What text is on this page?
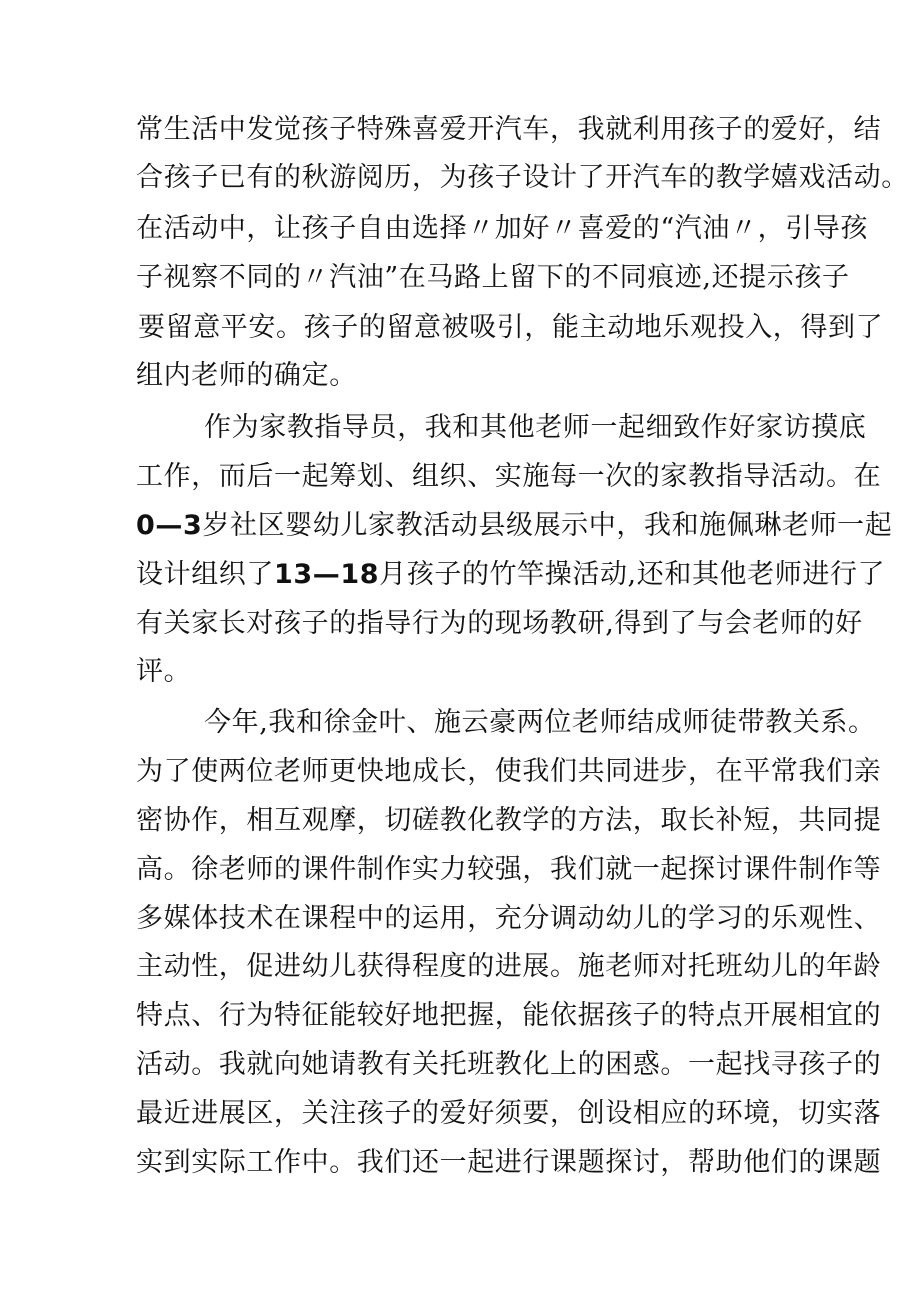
常生活中发觉孩子特殊喜爱开汽车，我就利用孩子的爱好，结
合孩子已有的秋游阅历，为孩子设计了开汽车的教学嬉戏活动。
在活动中，让孩子自由选择〃加好〃喜爱的“汽油〃，引导孩
子视察不同的〃汽油”在马路上留下的不同痕迹,还提示孩子
要留意平安。孩子的留意被吸引，能主动地乐观投入，得到了
组内老师的确定。
作为家教指导员，我和其他老师一起细致作好家访摸底
工作，而后一起筹划、组织、实施每一次的家教指导活动。在
0—3岁社区婴幼儿家教活动县级展示中，我和施佩琳老师一起
设计组织了13—18月孩子的竹竿操活动,还和其他老师进行了
有关家长对孩子的指导行为的现场教研,得到了与会老师的好
评。
今年,我和徐金叶、施云豪两位老师结成师徒带教关系。
为了使两位老师更快地成长，使我们共同进步，在平常我们亲
密协作，相互观摩，切磋教化教学的方法，取长补短，共同提
高。徐老师的课件制作实力较强，我们就一起探讨课件制作等
多媒体技术在课程中的运用，充分调动幼儿的学习的乐观性、
主动性，促进幼儿获得程度的进展。施老师对托班幼儿的年龄
特点、行为特征能较好地把握，能依据孩子的特点开展相宜的
活动。我就向她请教有关托班教化上的困惑。一起找寻孩子的
最近进展区，关注孩子的爱好须要，创设相应的环境，切实落
实到实际工作中。我们还一起进行课题探讨，帮助他们的课题
